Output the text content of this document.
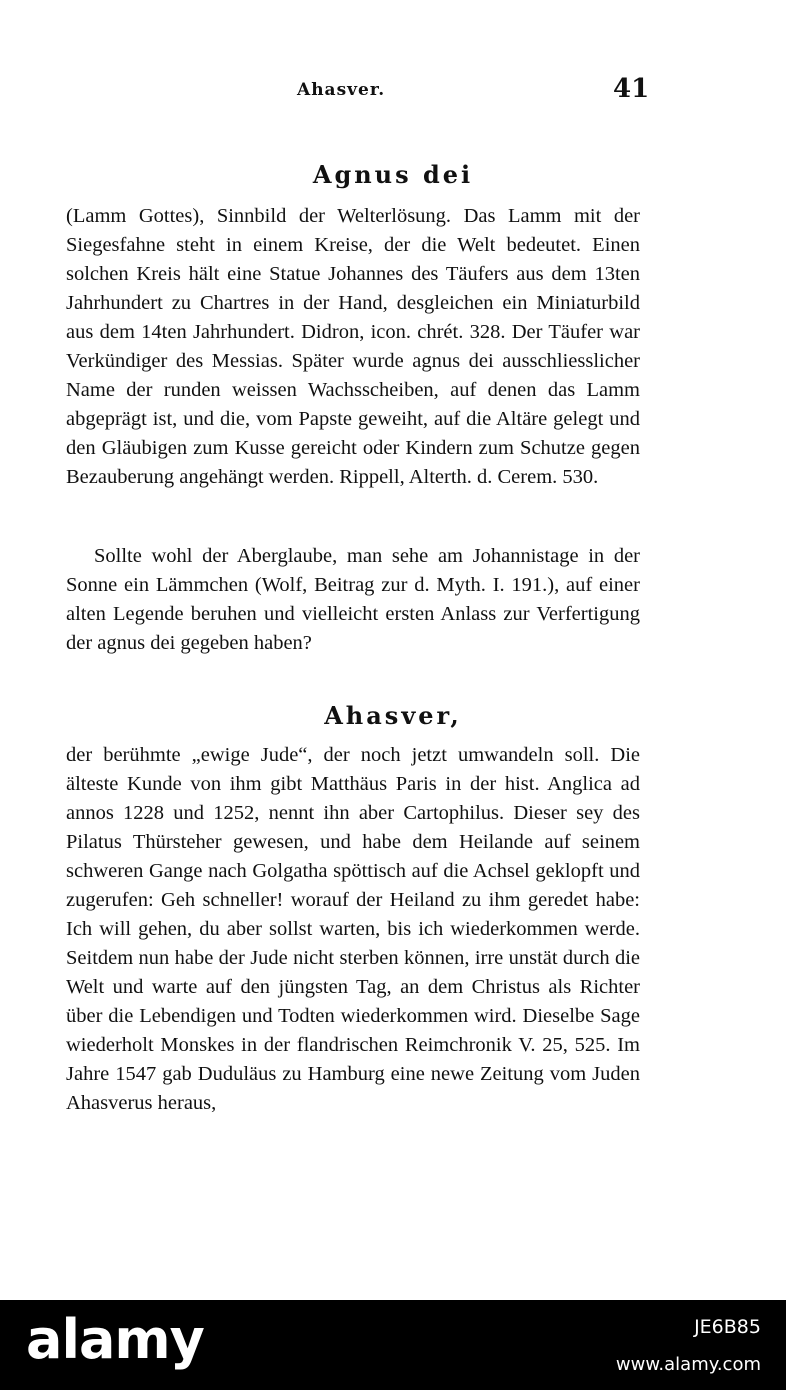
Ahasver.	41
Agnus dei

(Lamm Gottes), Sinnbild der Welterlösung. Das Lamm mit der Siegesfahne steht in einem Kreise, der die Welt bedeutet. Einen solchen Kreis hält eine Statue Johannes des Täufers aus dem 13ten Jahrhundert zu Chartres in der Hand, desgleichen ein Miniaturbild aus dem 14ten Jahrhundert. Didron, icon. chrét. 328. Der Täufer war Verkündiger des Messias. Später wurde agnus dei ausschliesslicher Name der runden weissen Wachsscheiben, auf denen das Lamm abgeprägt ist, und die, vom Papste geweiht, auf die Altäre gelegt und den Gläubigen zum Kusse gereicht oder Kindern zum Schutze gegen Bezauberung angehängt werden. Rippell, Alterth. d. Cerem. 530.

Sollte wohl der Aberglaube, man sehe am Johannistage in der Sonne ein Lämmchen (Wolf, Beitrag zur d. Myth. I. 191.), auf einer alten Legende beruhen und vielleicht ersten Anlass zur Verfertigung der agnus dei gegeben haben?

Ahasver,

der berühmte „ewige Jude“, der noch jetzt umwandeln soll. Die älteste Kunde von ihm gibt Matthäus Paris in der hist. Anglica ad annos 1228 und 1252, nennt ihn aber Cartophilus. Dieser sey des Pilatus Thürsteher gewesen, und habe dem Heilande auf seinem schweren Gange nach Golgatha spöttisch auf die Achsel geklopft und zugerufen: Geh schneller! worauf der Heiland zu ihm geredet habe: Ich will gehen, du aber sollst warten, bis ich wiederkommen werde. Seitdem nun habe der Jude nicht sterben können, irre unstät durch die Welt und warte auf den jüngsten Tag, an dem Christus als Richter über die Lebendigen und Todten wiederkommen wird. Dieselbe Sage wiederholt Monskes in der flandrischen Reimchronik V. 25, 525. Im Jahre 1547 gab Duduläus zu Hamburg eine newe Zeitung vom Juden Ahasverus heraus,

alamy	JE6B85
www.alamy.com
